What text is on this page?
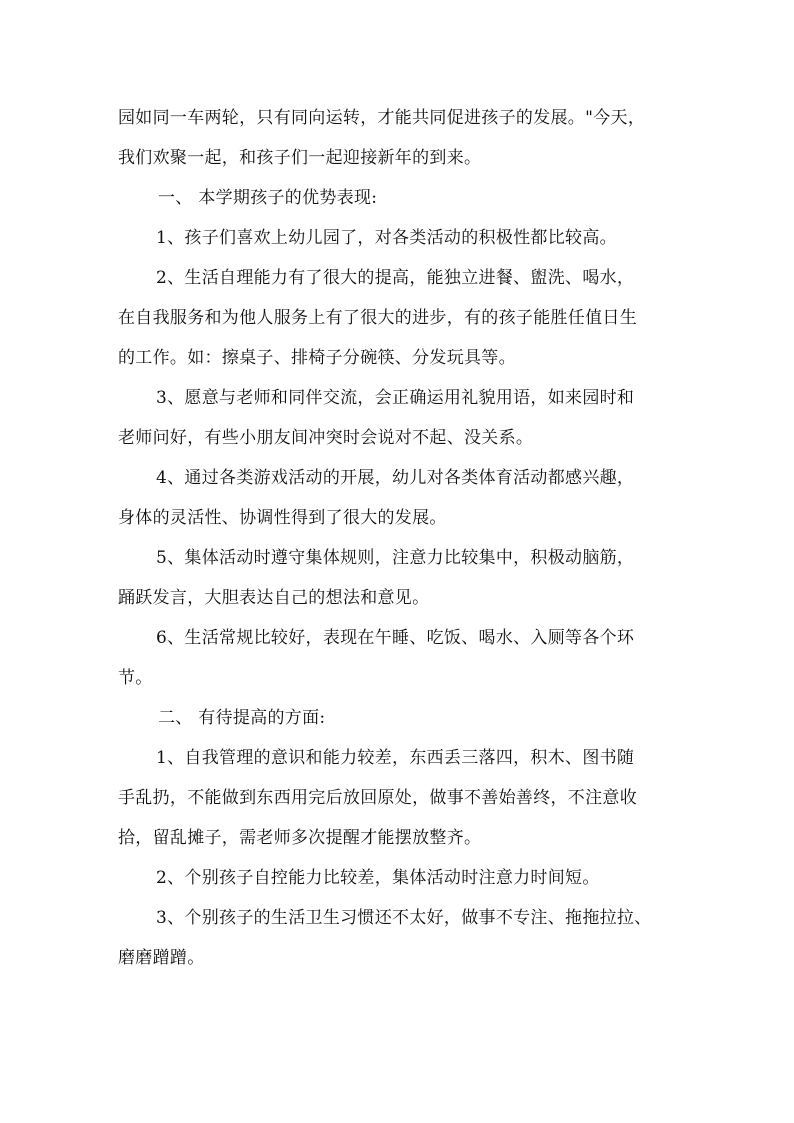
园如同一车两轮，只有同向运转，才能共同促进孩子的发展。"今天，
我们欢聚一起，和孩子们一起迎接新年的到来。
一、 本学期孩子的优势表现:
1、孩子们喜欢上幼儿园了，对各类活动的积极性都比较高。
2、生活自理能力有了很大的提高，能独立进餐、盥洗、喝水，
在自我服务和为他人服务上有了很大的进步，有的孩子能胜任值日生
的工作。如：擦桌子、排椅子分碗筷、分发玩具等。
3、愿意与老师和同伴交流，会正确运用礼貌用语，如来园时和
老师问好，有些小朋友间冲突时会说对不起、没关系。
4、通过各类游戏活动的开展，幼儿对各类体育活动都感兴趣，
身体的灵活性、协调性得到了很大的发展。
5、集体活动时遵守集体规则，注意力比较集中，积极动脑筋，
踊跃发言，大胆表达自己的想法和意见。
6、生活常规比较好，表现在午睡、吃饭、喝水、入厕等各个环
节。
二、 有待提高的方面:
1、自我管理的意识和能力较差，东西丢三落四，积木、图书随
手乱扔，不能做到东西用完后放回原处，做事不善始善终，不注意收
拾，留乱摊子，需老师多次提醒才能摆放整齐。
2、个别孩子自控能力比较差，集体活动时注意力时间短。
3、个别孩子的生活卫生习惯还不太好，做事不专注、拖拖拉拉、
磨磨蹭蹭。
